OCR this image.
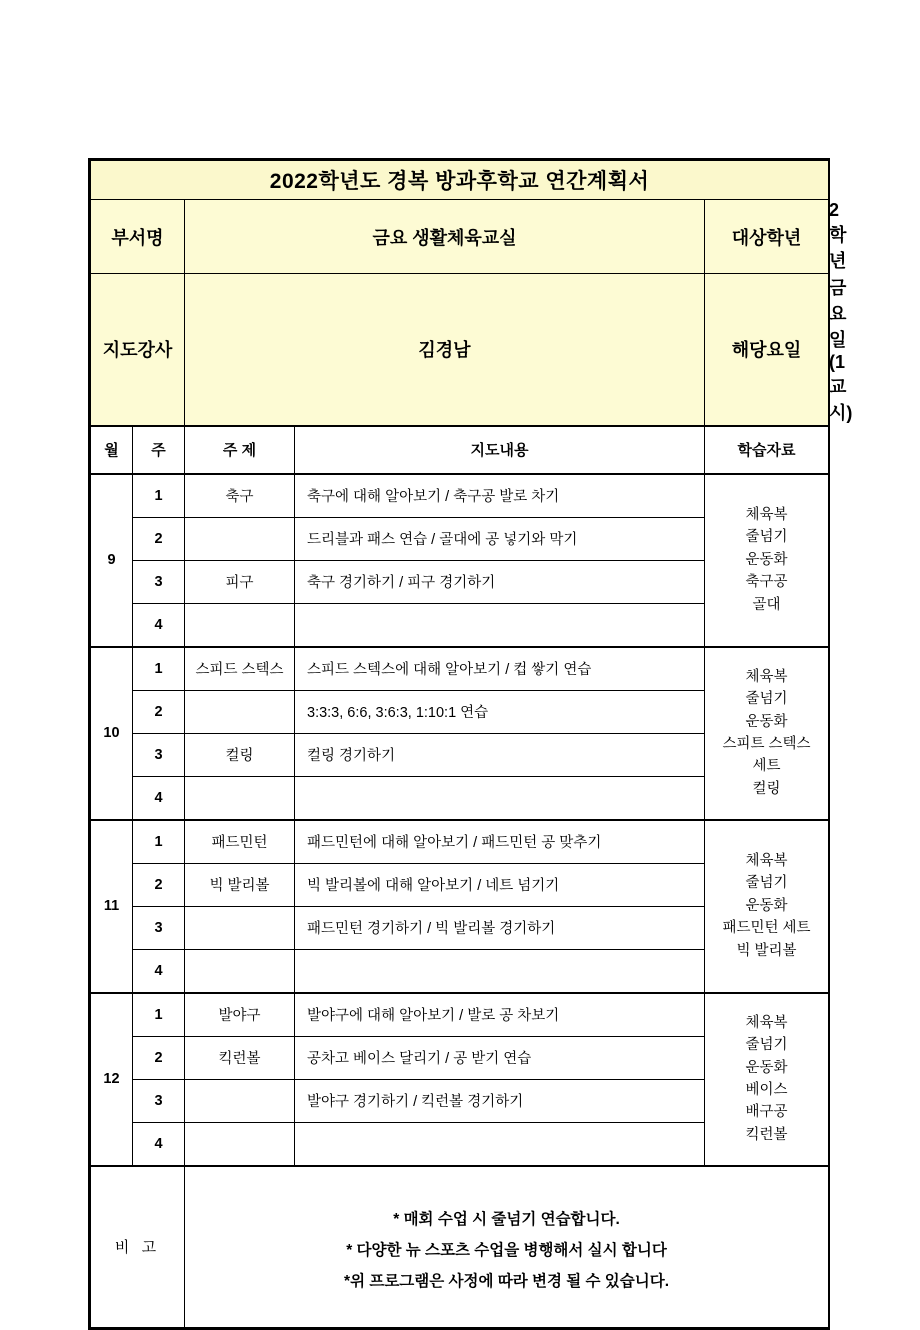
2022학년도 경복 방과후학교 연간계획서					
부서명		금요 생활체육교실		대상학년	2 학년
지도강사		김경남		해당요일	금요일 (1교시)
월	주	주 제	지도내용	학습자료	
9	1	축구	축구에 대해 알아보기 / 축구공 발로 차기	체육복
줄넘기
운동화
축구공
골대	

	2		드리블과 패스 연습 / 골대에 공 넣기와 막기		
	3	피구	축구 경기하기 / 피구 경기하기		
	4				
10	1	스피드 스텍스	스피드 스텍스에 대해 알아보기 / 컵 쌓기 연습	체육복
줄넘기
운동화
스피트 스텍스
세트
컬링

	2		3:3:3, 6:6, 3:6:3, 1:10:1 연습		
	3	컬링	컬링 경기하기		
	4				
11	1	패드민턴	패드민턴에 대해 알아보기 / 패드민턴 공 맞추기	체육복
줄넘기
운동화
패드민턴 세트
빅 발리볼	

	2	빅 발리볼	빅 발리볼에 대해 알아보기 / 네트 넘기기		
	3		패드민턴 경기하기 / 빅 발리볼 경기하기		
	4				
12	1	발야구	발야구에 대해 알아보기 / 발로 공 차보기	체육복
줄넘기
운동화
베이스
배구공
킥런볼

	2	킥런볼	공차고 베이스 달리기 / 공 받기 연습		
	3		발야구 경기하기 / 킥런볼 경기하기		
	4				
비 고		* 매회 수업 시 줄넘기 연습합니다.
* 다양한 뉴 스포츠 수업을 병행해서 실시 합니다
*위 프로그램은 사정에 따라 변경 될 수 있습니다.			
